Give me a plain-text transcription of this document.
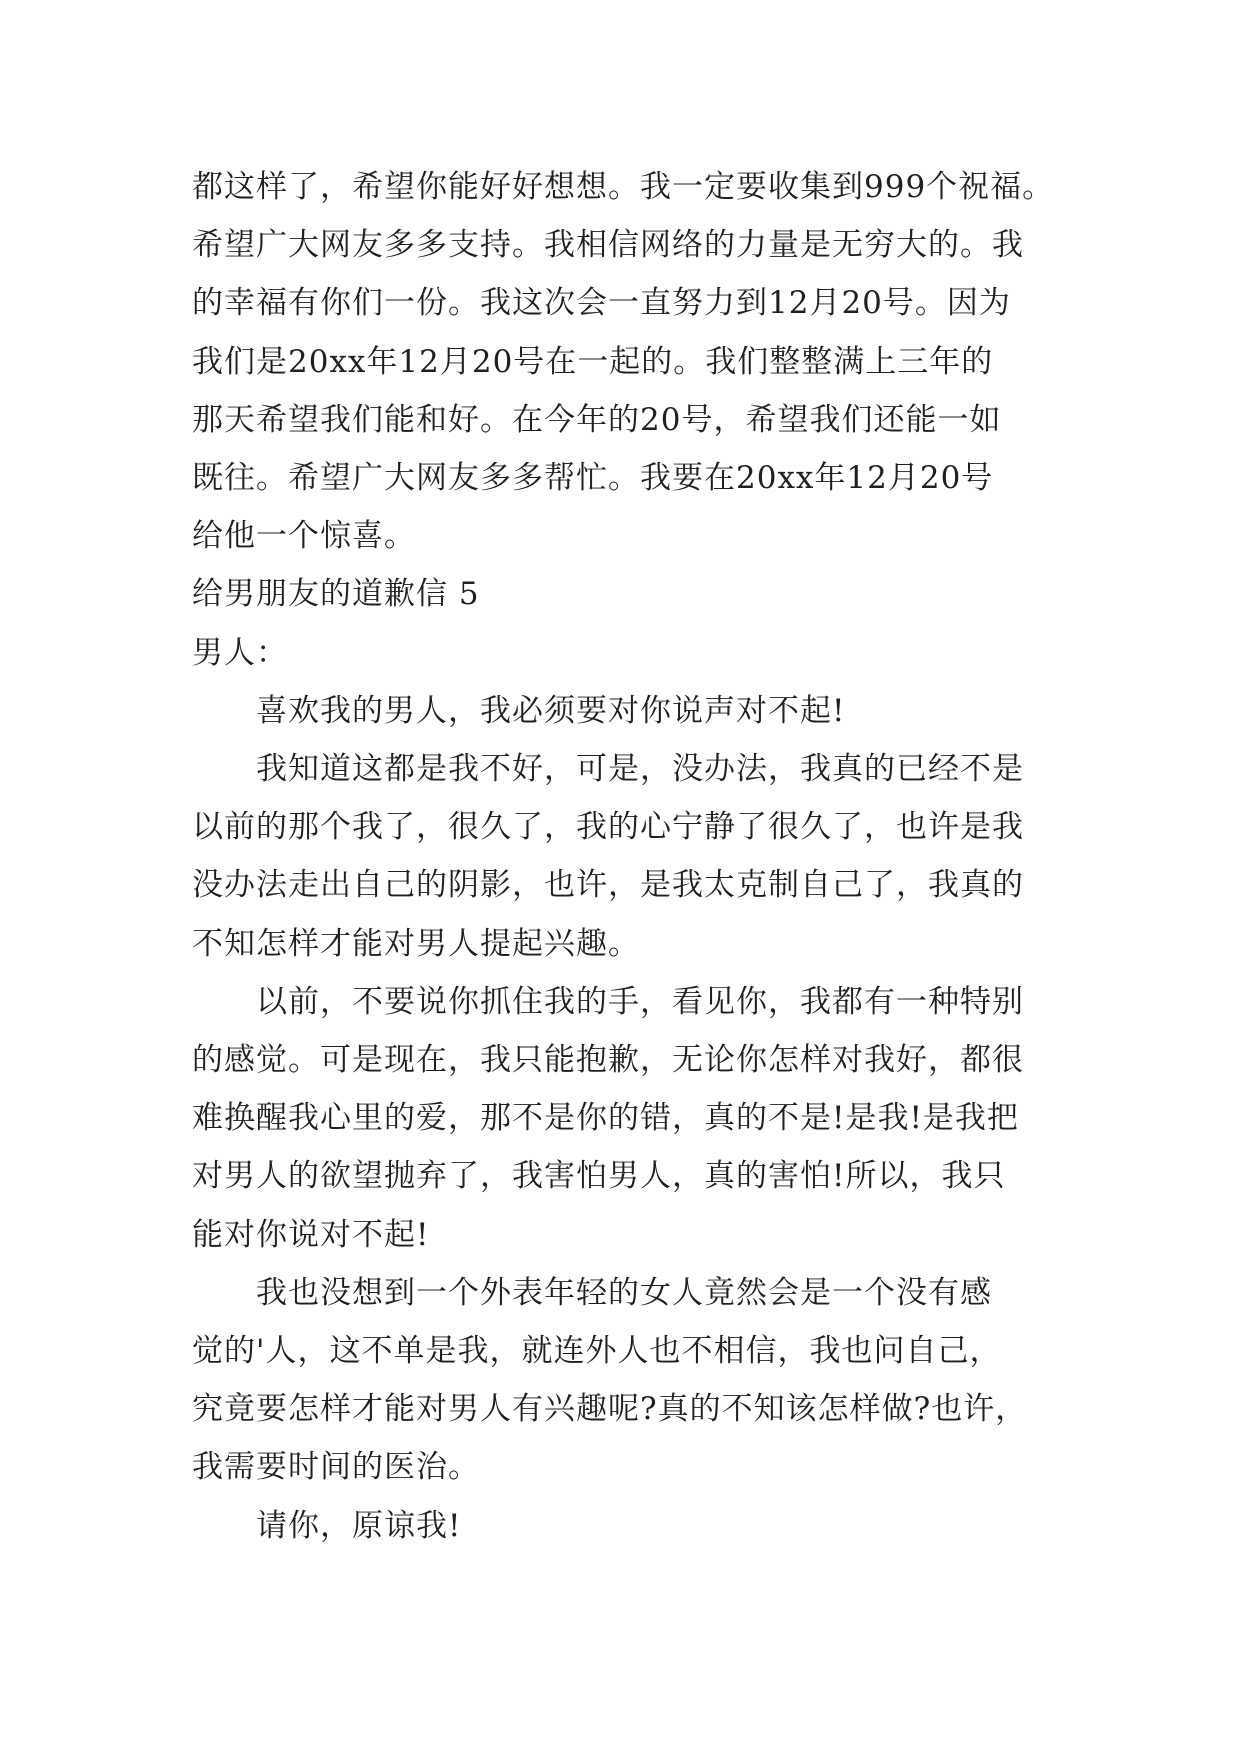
都这样了，希望你能好好想想。我一定要收集到999个祝福。
希望广大网友多多支持。我相信网络的力量是无穷大的。我
的幸福有你们一份。我这次会一直努力到12月20号。因为
我们是20xx年12月20号在一起的。我们整整满上三年的
那天希望我们能和好。在今年的20号，希望我们还能一如
既往。希望广大网友多多帮忙。我要在20xx年12月20号
给他一个惊喜。
给男朋友的道歉信 5
男人：
喜欢我的男人，我必须要对你说声对不起!
我知道这都是我不好，可是，没办法，我真的已经不是
以前的那个我了，很久了，我的心宁静了很久了，也许是我
没办法走出自己的阴影，也许，是我太克制自己了，我真的
不知怎样才能对男人提起兴趣。
以前，不要说你抓住我的手，看见你，我都有一种特别
的感觉。可是现在，我只能抱歉，无论你怎样对我好，都很
难换醒我心里的爱，那不是你的错，真的不是!是我!是我把
对男人的欲望抛弃了，我害怕男人，真的害怕!所以，我只
能对你说对不起!
我也没想到一个外表年轻的女人竟然会是一个没有感
觉的'人，这不单是我，就连外人也不相信，我也问自己，
究竟要怎样才能对男人有兴趣呢?真的不知该怎样做?也许，
我需要时间的医治。
请你，原谅我!
